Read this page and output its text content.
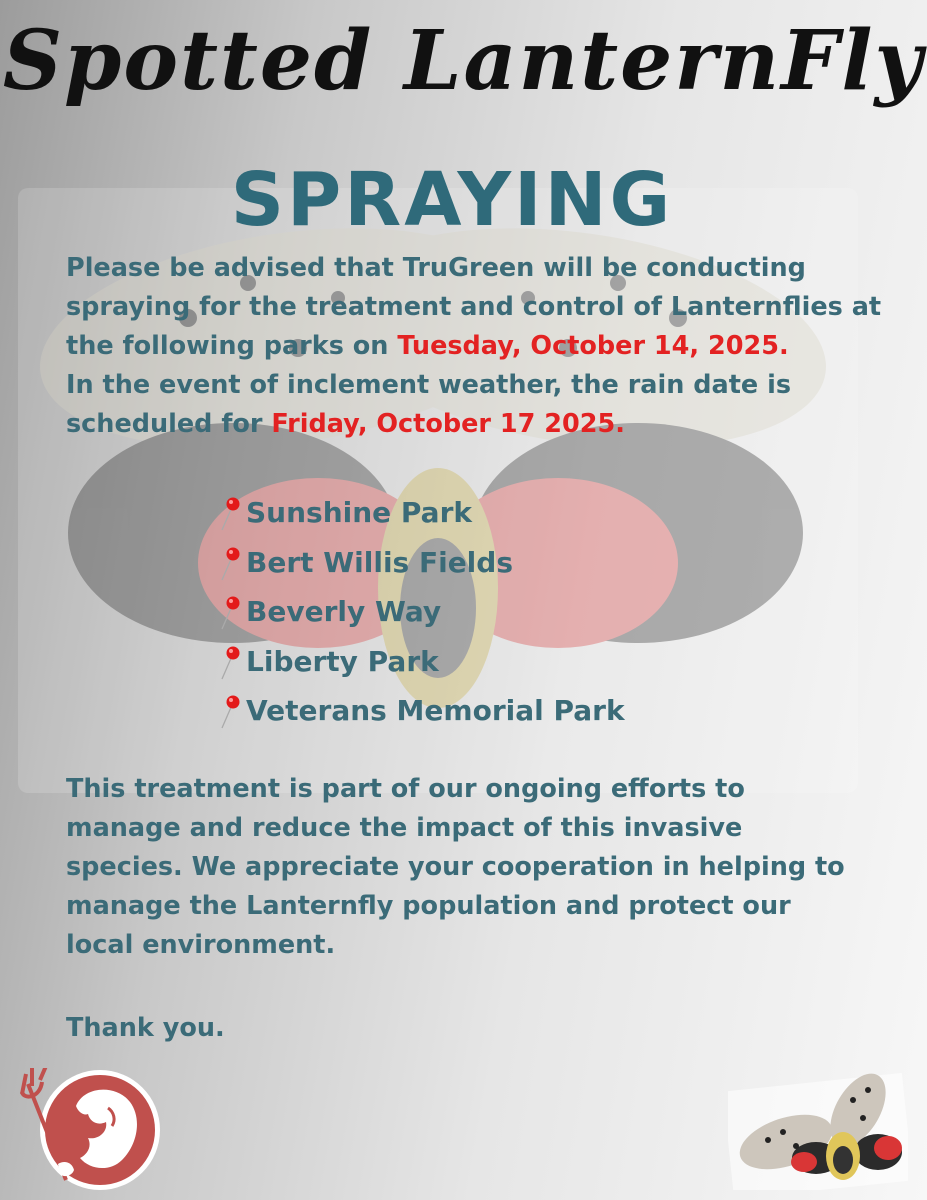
Spotted LanternFly
SPRAYING

Please be advised that TruGreen will be conducting spraying for the treatment and control of Lanternflies at the following parks on Tuesday, October 14, 2025.
In the event of inclement weather, the rain date is scheduled for Friday, October 17 2025.

Sunshine Park
Bert Willis Fields
Beverly Way
Liberty Park
Veterans Memorial Park

This treatment is part of our ongoing efforts to manage and reduce the impact of this invasive species. We appreciate your cooperation in helping to manage the Lanternfly population and protect our local environment.

Thank you.
